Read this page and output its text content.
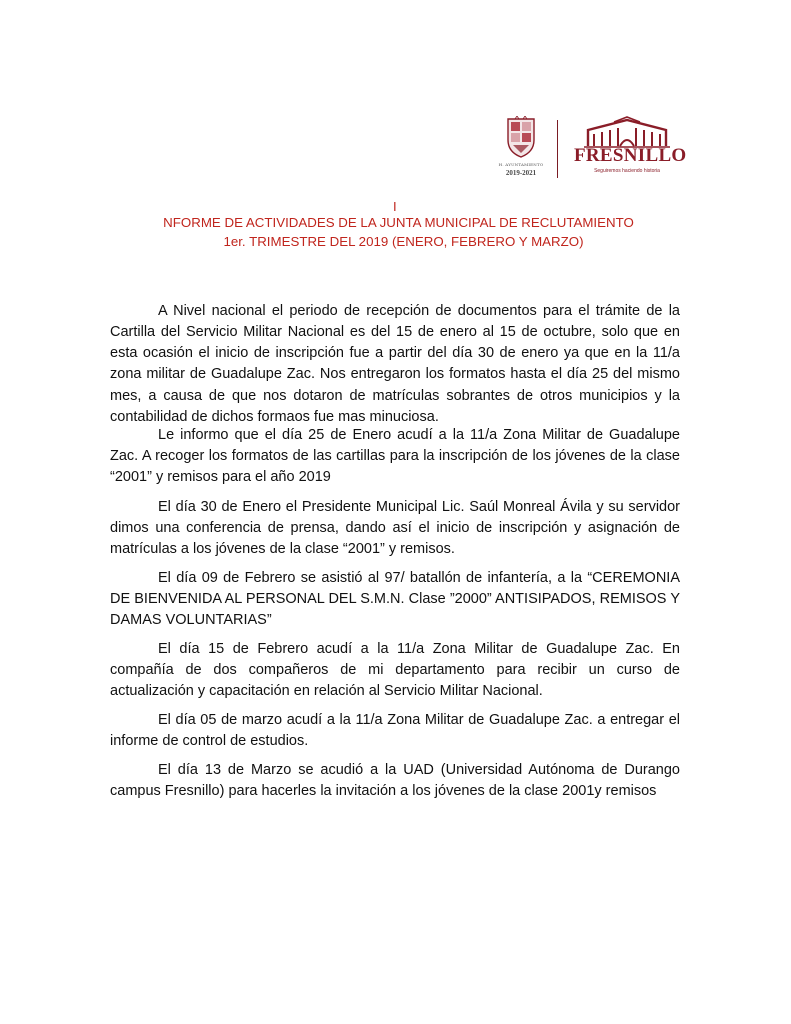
H. AYUNTAMIENTO
2019-2021
FRESNILLO
Seguiremos haciendo historia
I
NFORME DE ACTIVIDADES DE LA JUNTA MUNICIPAL DE RECLUTAMIENTO
1er. TRIMESTRE DEL 2019 (ENERO, FEBRERO Y MARZO)

A Nivel nacional el periodo de recepción de documentos para el trámite de la Cartilla del Servicio Militar Nacional es del 15 de enero al 15 de octubre, solo que en esta ocasión el inicio de inscripción fue a partir del día 30 de enero ya que en la 11/a zona militar de Guadalupe Zac. Nos entregaron los formatos hasta el día 25 del mismo mes, a causa de que nos dotaron de matrículas sobrantes de otros municipios y la contabilidad de dichos formaos fue mas minuciosa.

Le informo que el día 25 de Enero acudí a la 11/a Zona Militar de Guadalupe Zac. A recoger los formatos de las cartillas para la inscripción de los jóvenes de la clase “2001” y remisos para el año 2019

El día 30 de Enero el Presidente Municipal Lic. Saúl Monreal Ávila y su servidor dimos una conferencia de prensa, dando así el inicio de inscripción y asignación de matrículas a los jóvenes de la clase “2001” y remisos.

El día 09 de Febrero se asistió al 97/ batallón de infantería, a la “CEREMONIA DE BIENVENIDA AL PERSONAL DEL S.M.N. Clase ”2000” ANTISIPADOS, REMISOS Y DAMAS VOLUNTARIAS”

El día 15 de Febrero acudí a la 11/a Zona Militar de Guadalupe Zac. En compañía de dos compañeros de mi departamento para recibir un curso de actualización y capacitación en relación al Servicio Militar Nacional.

El día 05 de marzo acudí a la 11/a Zona Militar de Guadalupe Zac. a entregar el informe de control de estudios.

El día 13 de Marzo se acudió a la UAD (Universidad Autónoma de Durango campus Fresnillo) para hacerles la invitación a los jóvenes de la clase 2001y remisos
